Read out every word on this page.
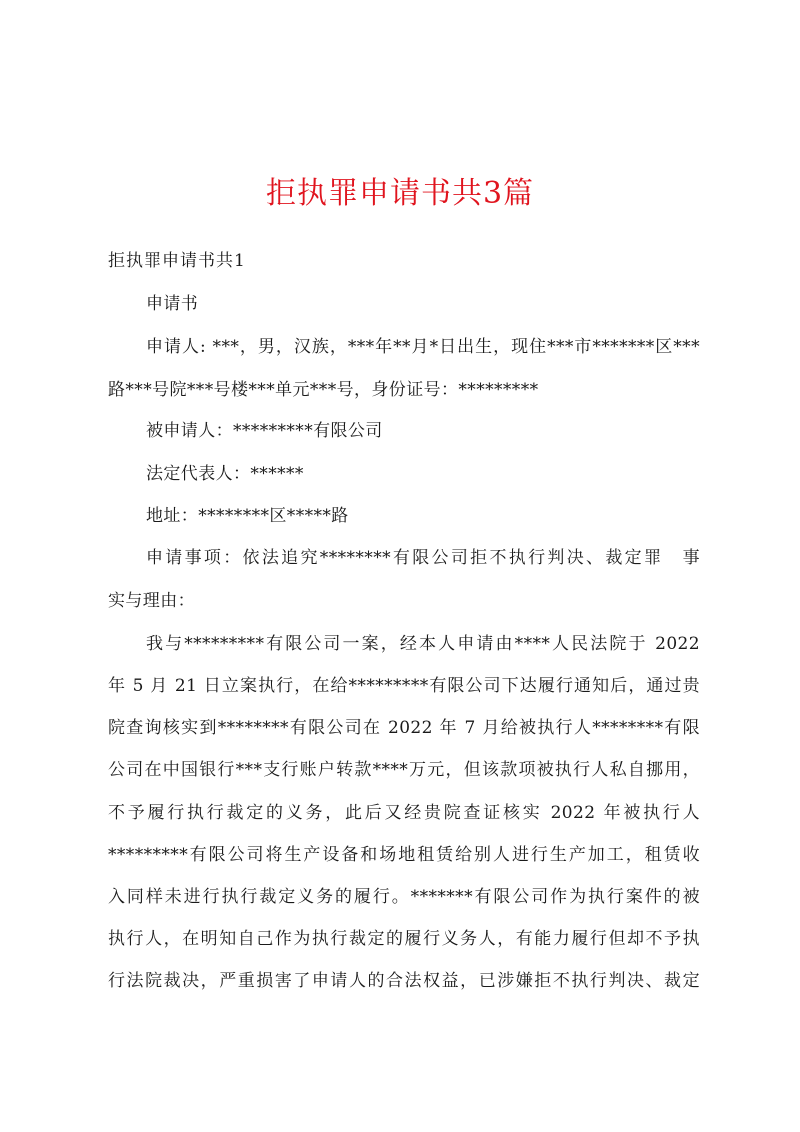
拒执罪申请书共3篇
拒执罪申请书共1
申请书
申请人: ***，男，汉族，***年**月*日出生，现住***市*******区***
路***号院***号楼***单元***号，身份证号：*********
被申请人：*********有限公司
法定代表人：******
地址：********区*****路
申请事项：依法追究********有限公司拒不执行判决、裁定罪　事
实与理由：
我与*********有限公司一案，经本人申请由****人民法院于 2022
年 5 月 21 日立案执行，在给*********有限公司下达履行通知后，通过贵
院查询核实到********有限公司在 2022 年 7 月给被执行人********有限
公司在中国银行***支行账户转款****万元，但该款项被执行人私自挪用，
不予履行执行裁定的义务，此后又经贵院查证核实 2022 年被执行人
*********有限公司将生产设备和场地租赁给别人进行生产加工，租赁收
入同样未进行执行裁定义务的履行。*******有限公司作为执行案件的被
执行人，在明知自己作为执行裁定的履行义务人，有能力履行但却不予执
行法院裁决，严重损害了申请人的合法权益，已涉嫌拒不执行判决、裁定
